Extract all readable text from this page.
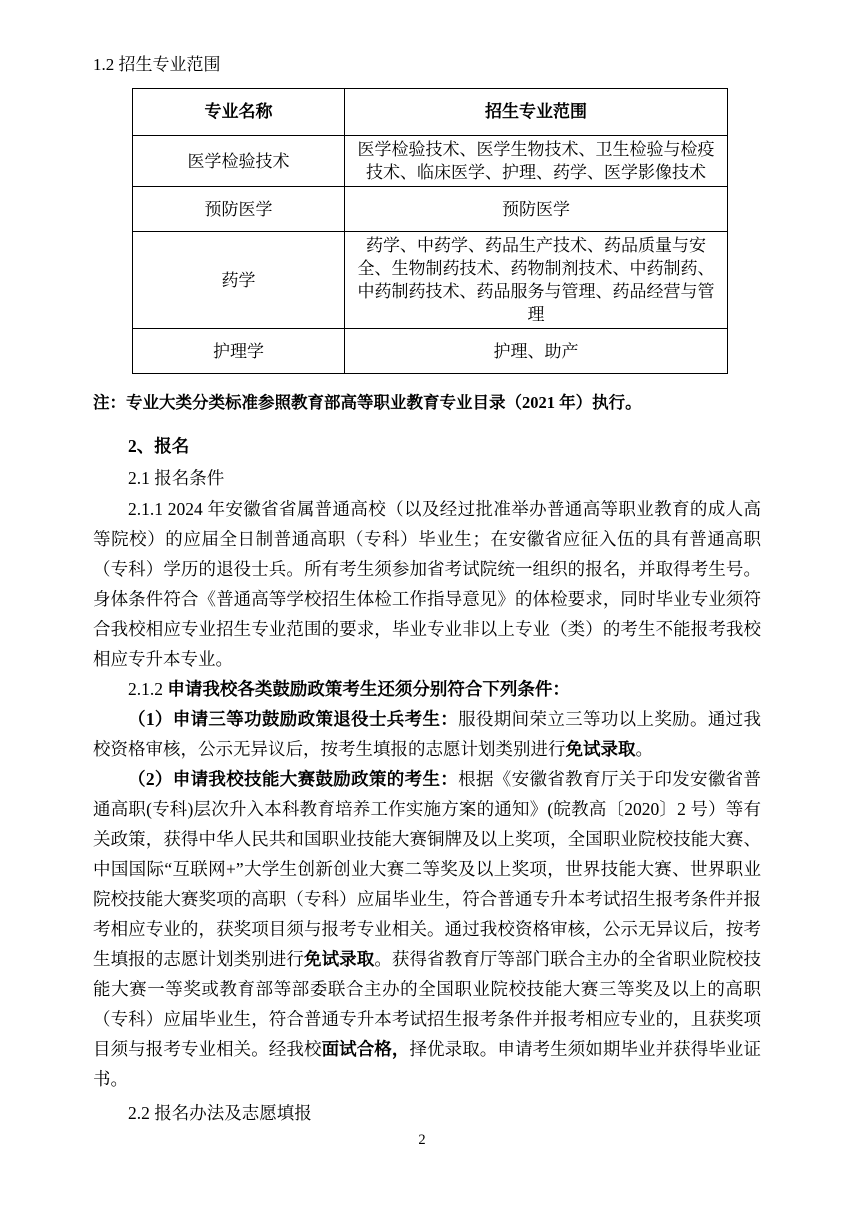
1.2 招生专业范围
专业名称	招生专业范围
医学检验技术	医学检验技术、医学生物技术、卫生检验与检疫技术、临床医学、护理、药学、医学影像技术
预防医学	预防医学
药学	药学、中药学、药品生产技术、药品质量与安全、生物制药技术、药物制剂技术、中药制药、中药制药技术、药品服务与管理、药品经营与管理
护理学	护理、助产

注：专业大类分类标准参照教育部高等职业教育专业目录（2021 年）执行。

2、报名

2.1 报名条件

2.1.1 2024 年安徽省省属普通高校（以及经过批准举办普通高等职业教育的成人高等院校）的应届全日制普通高职（专科）毕业生；在安徽省应征入伍的具有普通高职（专科）学历的退役士兵。所有考生须参加省考试院统一组织的报名，并取得考生号。身体条件符合《普通高等学校招生体检工作指导意见》的体检要求，同时毕业专业须符合我校相应专业招生专业范围的要求，毕业专业非以上专业（类）的考生不能报考我校相应专升本专业。

2.1.2 申请我校各类鼓励政策考生还须分别符合下列条件：

（1）申请三等功鼓励政策退役士兵考生：服役期间荣立三等功以上奖励。通过我校资格审核，公示无异议后，按考生填报的志愿计划类别进行免试录取。

（2）申请我校技能大赛鼓励政策的考生：根据《安徽省教育厅关于印发安徽省普通高职(专科)层次升入本科教育培养工作实施方案的通知》(皖教高〔2020〕2 号）等有关政策，获得中华人民共和国职业技能大赛铜牌及以上奖项，全国职业院校技能大赛、中国国际“互联网+”大学生创新创业大赛二等奖及以上奖项，世界技能大赛、世界职业院校技能大赛奖项的高职（专科）应届毕业生，符合普通专升本考试招生报考条件并报考相应专业的，获奖项目须与报考专业相关。通过我校资格审核，公示无异议后，按考生填报的志愿计划类别进行免试录取。获得省教育厅等部门联合主办的全省职业院校技能大赛一等奖或教育部等部委联合主办的全国职业院校技能大赛三等奖及以上的高职（专科）应届毕业生，符合普通专升本考试招生报考条件并报考相应专业的，且获奖项目须与报考专业相关。经我校面试合格，择优录取。申请考生须如期毕业并获得毕业证书。

2.2 报名办法及志愿填报

2
